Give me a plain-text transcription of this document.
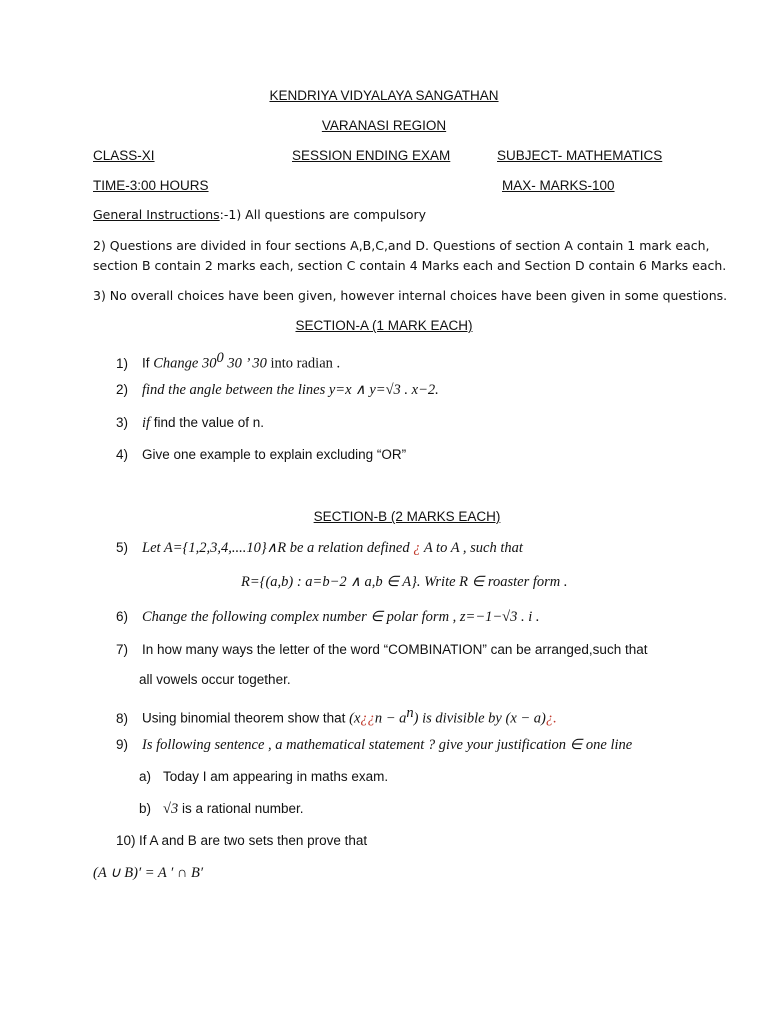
KENDRIYA VIDYALAYA SANGATHAN
VARANASI REGION
CLASS-XI	SESSION ENDING EXAM	SUBJECT- MATHEMATICS
TIME-3:00 HOURS	MAX- MARKS-100
General Instructions:-1) All questions are compulsory
2) Questions are divided in four sections A,B,C,and D. Questions of section A contain 1 mark each,
section B contain 2 marks each, section C contain 4 Marks each and Section D contain 6 Marks each.
3) No overall choices have been given, however internal choices have been given in some questions.
SECTION-A (1 MARK EACH)
1) If Change $30^0$ 30 ’ 30 into radian .
2) find the angle between the lines y=x ∧ y=√3 . x−2.
3) if find the value of n.
4) Give one example to explain excluding “OR”
SECTION-B (2 MARKS EACH)
5) Let A={1,2,3,4,....10}∧R be a relation defined ¿ A to A , such that
R={(a,b) : a=b−2 ∧ a,b ∈ A}. Write R ∈ roaster form .
6) Change the following complex number ∈ polar form , z=−1−√3 . i .
7) In how many ways the letter of the word “COMBINATION” can be arranged,such that
all vowels occur together.
8) Using binomial theorem show that (x¿¿n − $a^n$) is divisible by (x − a)¿.
9) Is following sentence , a mathematical statement ? give your justification ∈ one line
a) Today I am appearing in maths exam.
b) √3 is a rational number.
10) If A and B are two sets then prove that
(A ∪ B)′ = A ′ ∩ B′
